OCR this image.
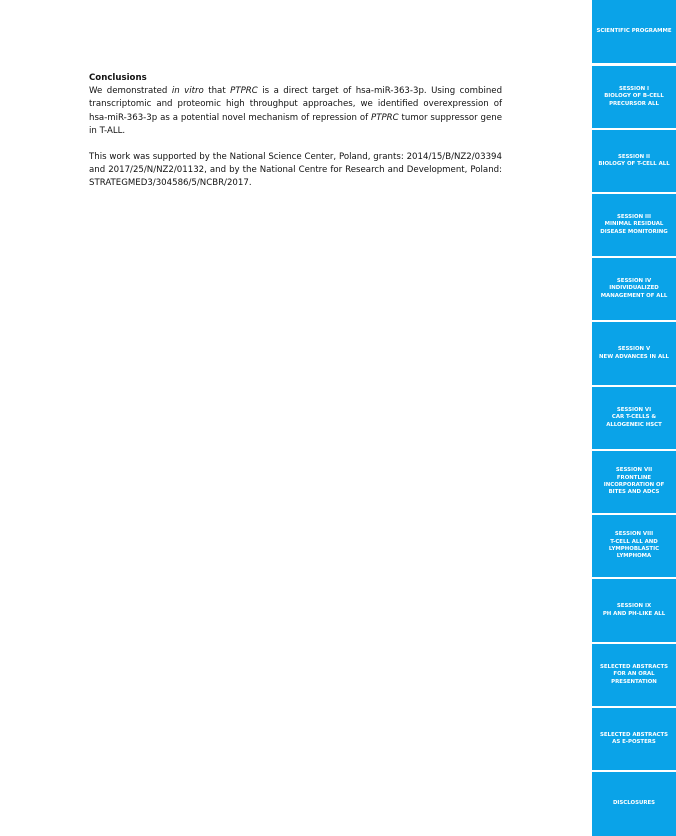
Conclusions

We demonstrated in vitro that PTPRC is a direct target of hsa-miR-363-3p. Using combined transcriptomic and proteomic high throughput approaches, we identified overexpression of hsa-miR-363-3p as a potential novel mechanism of repression of PTPRC tumor suppressor gene in T-ALL.

This work was supported by the National Science Center, Poland, grants: 2014/15/B/NZ2/03394 and 2017/25/N/NZ2/01132, and by the National Centre for Research and Development, Poland: STRATEGMED3/304586/5/NCBR/2017.

SCIENTIFIC PROGRAMME
SESSION I
BIOLOGY OF B-CELL
PRECURSOR ALL
SESSION II
BIOLOGY OF T-CELL ALL
SESSION III
MINIMAL RESIDUAL
DISEASE MONITORING
SESSION IV
INDIVIDUALIZED
MANAGEMENT OF ALL
SESSION V
NEW ADVANCES IN ALL
SESSION VI
CAR T-CELLS &
ALLOGENEIC HSCT
SESSION VII
FRONTLINE
INCORPORATION OF
BITES AND ADCS
SESSION VIII
T-CELL ALL AND
LYMPHOBLASTIC
LYMPHOMA
SESSION IX
PH AND PH-LIKE ALL
SELECTED ABSTRACTS
FOR AN ORAL
PRESENTATION
SELECTED ABSTRACTS
AS E-POSTERS
DISCLOSURES
